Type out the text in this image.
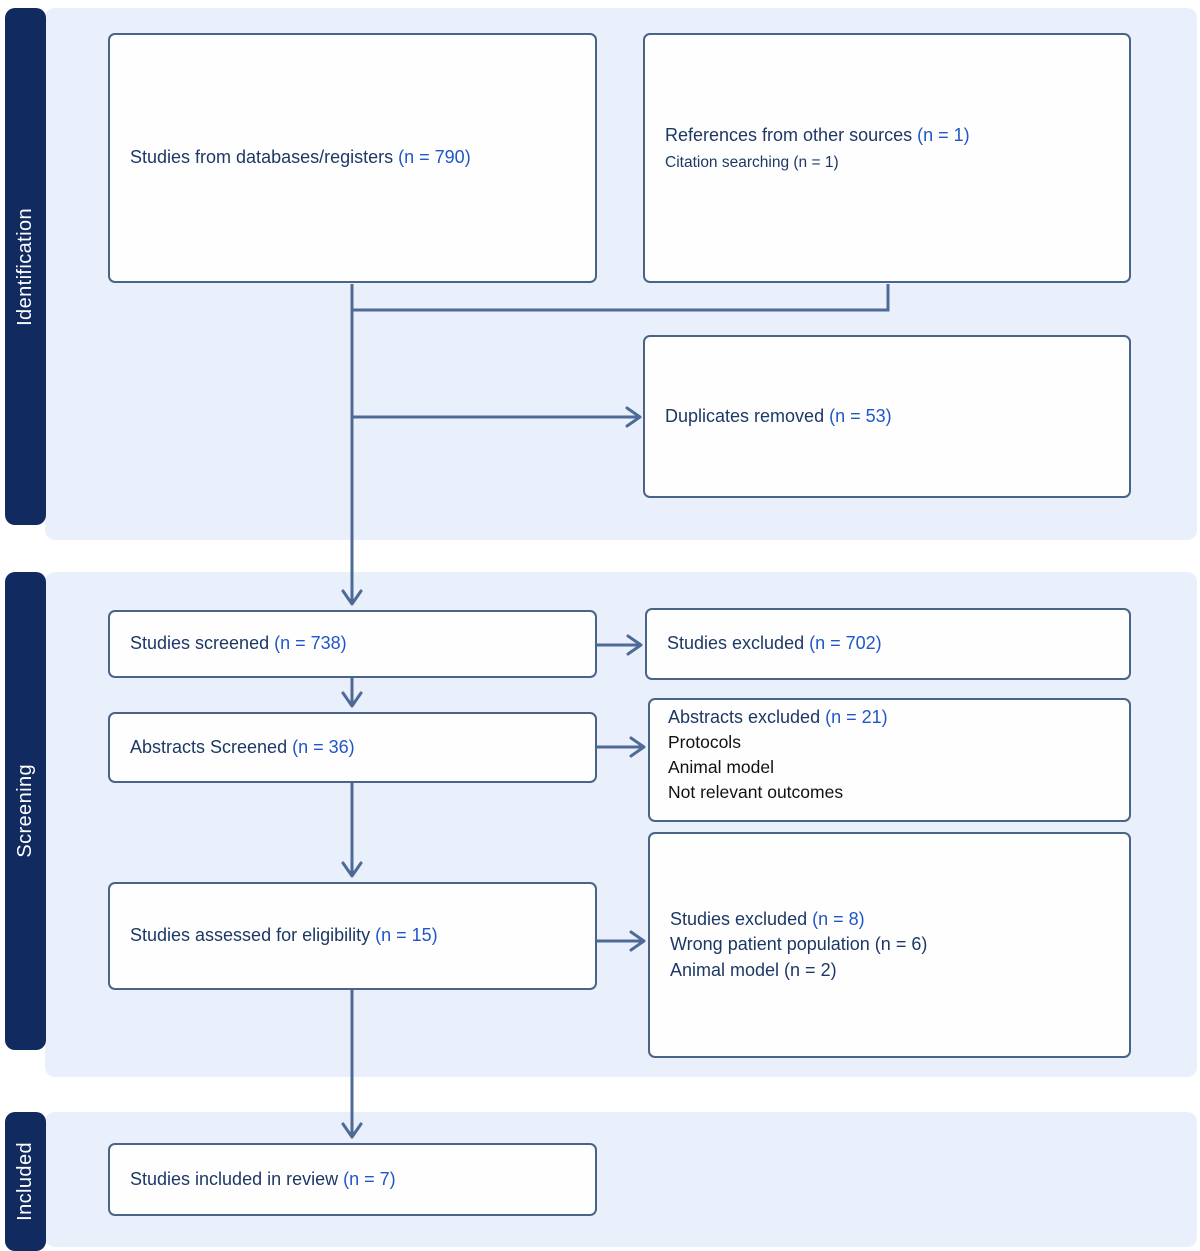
Identification
Screening
Included
Studies from databases/registers (n = 790)
References from other sources (n = 1)
Citation searching (n = 1)
Duplicates removed (n = 53)
Studies screened (n = 738)	Studies excluded (n = 702)
Abstracts Screened (n = 36)
Abstracts excluded (n = 21)
Protocols
Animal model
Not relevant outcomes
Studies assessed for eligibility (n = 15)
Studies excluded (n = 8)
Wrong patient population (n = 6)
Animal model (n = 2)
Studies included in review (n = 7)
